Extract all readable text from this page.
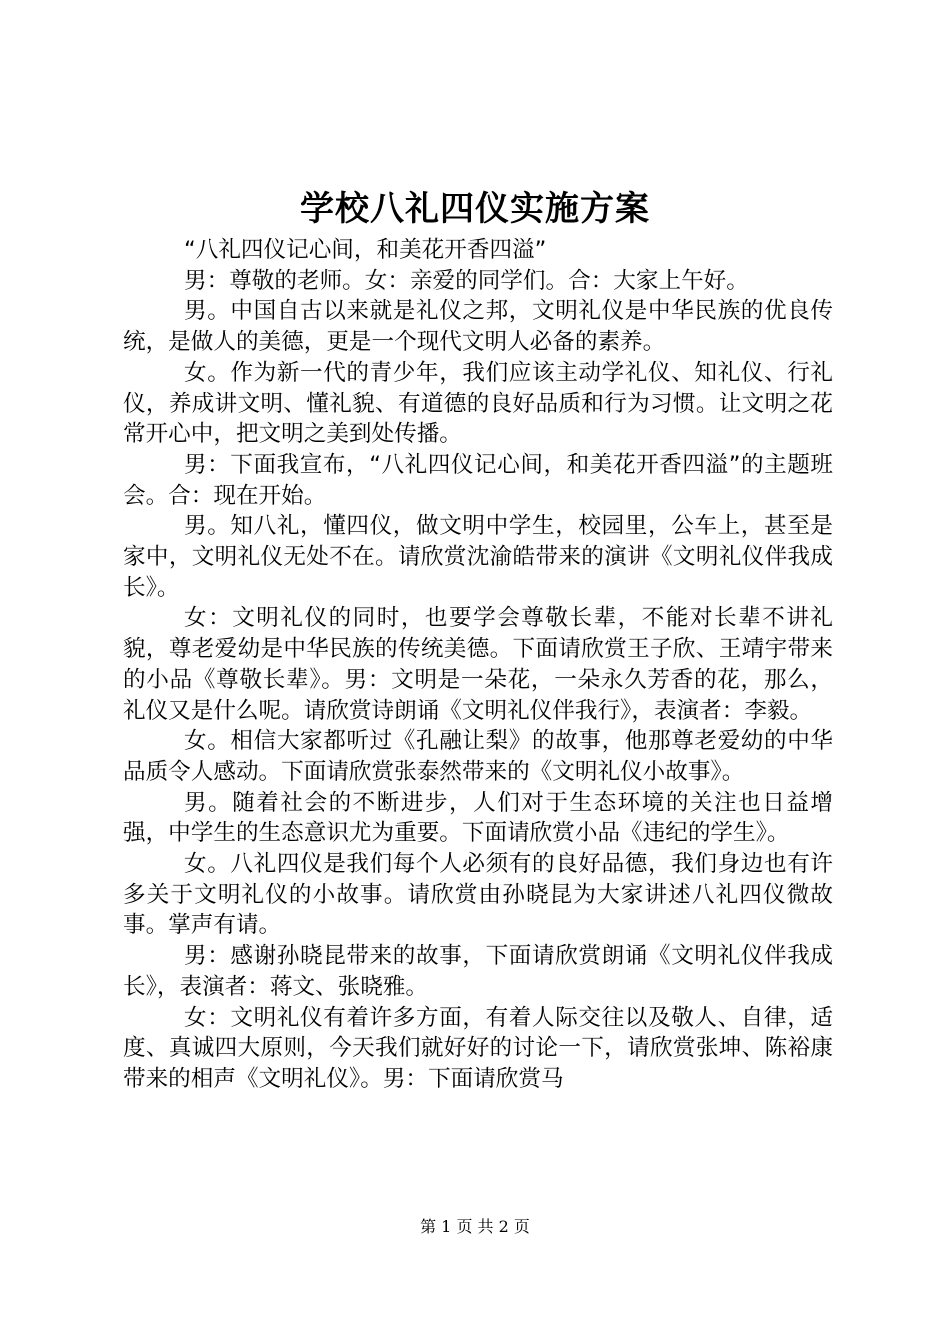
学校八礼四仪实施方案

“八礼四仪记心间，和美花开香四溢”

男：尊敬的老师。女：亲爱的同学们。合：大家上午好。

男。中国自古以来就是礼仪之邦，文明礼仪是中华民族的优良传统，是做人的美德，更是一个现代文明人必备的素养。

女。作为新一代的青少年，我们应该主动学礼仪、知礼仪、行礼仪，养成讲文明、懂礼貌、有道德的良好品质和行为习惯。让文明之花常开心中，把文明之美到处传播。

男：下面我宣布，“八礼四仪记心间，和美花开香四溢”的主题班会。合：现在开始。

男。知八礼，懂四仪，做文明中学生，校园里，公车上，甚至是家中，文明礼仪无处不在。请欣赏沈渝皓带来的演讲《文明礼仪伴我成长》。

女：文明礼仪的同时，也要学会尊敬长辈，不能对长辈不讲礼貌，尊老爱幼是中华民族的传统美德。下面请欣赏王子欣、王靖宇带来的小品《尊敬长辈》。男：文明是一朵花，一朵永久芳香的花，那么，礼仪又是什么呢。请欣赏诗朗诵《文明礼仪伴我行》，表演者：李毅。

女。相信大家都听过《孔融让梨》的故事，他那尊老爱幼的中华品质令人感动。下面请欣赏张泰然带来的《文明礼仪小故事》。

男。随着社会的不断进步，人们对于生态环境的关注也日益增强，中学生的生态意识尤为重要。下面请欣赏小品《违纪的学生》。

女。八礼四仪是我们每个人必须有的良好品德，我们身边也有许多关于文明礼仪的小故事。请欣赏由孙晓昆为大家讲述八礼四仪微故事。掌声有请。

男：感谢孙晓昆带来的故事，下面请欣赏朗诵《文明礼仪伴我成长》，表演者：蒋文、张晓雅。

女：文明礼仪有着许多方面，有着人际交往以及敬人、自律，适度、真诚四大原则，今天我们就好好的讨论一下，请欣赏张坤、陈裕康带来的相声《文明礼仪》。男：下面请欣赏马

第 1 页 共 2 页
